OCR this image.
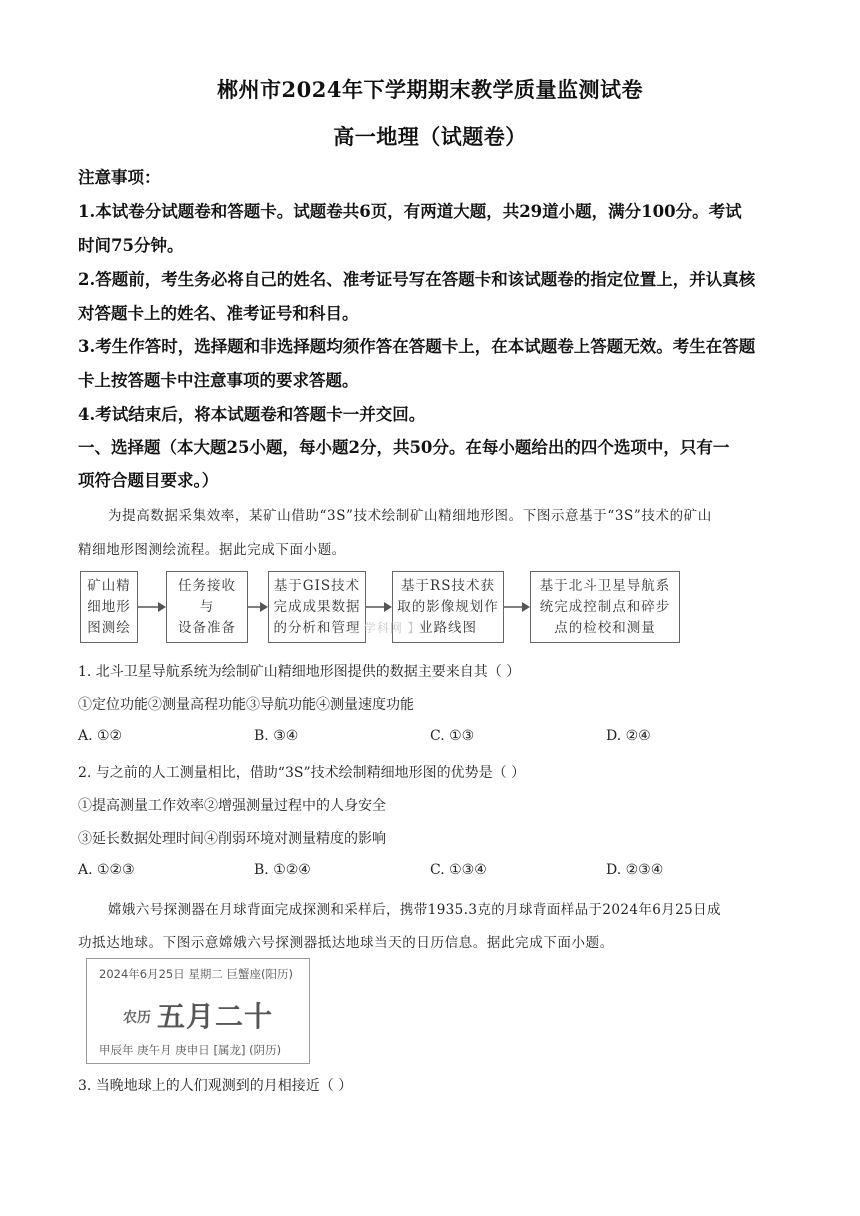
郴州市2024年下学期期末教学质量监测试卷
高一地理（试题卷）
注意事项：
1.本试卷分试题卷和答题卡。试题卷共6页，有两道大题，共29道小题，满分100分。考试
时间75分钟。
2.答题前，考生务必将自己的姓名、准考证号写在答题卡和该试题卷的指定位置上，并认真核
对答题卡上的姓名、准考证号和科目。
3.考生作答时，选择题和非选择题均须作答在答题卡上，在本试题卷上答题无效。考生在答题
卡上按答题卡中注意事项的要求答题。
4.考试结束后，将本试题卷和答题卡一并交回。
一、选择题（本大题25小题，每小题2分，共50分。在每小题给出的四个选项中，只有一
项符合题目要求。）
为提高数据采集效率，某矿山借助“3S”技术绘制矿山精细地形图。下图示意基于“3S”技术的矿山
精细地形图测绘流程。据此完成下面小题。
矿山精
细地形
图测绘
任务接收
与
设备准备
基于GIS技术
完成成果数据
的分析和管理
基于RS技术获
取的影像规划作
业路线图
基于北斗卫星导航系
统完成控制点和碎步
点的检校和测量
【 学科网 】
1. 北斗卫星导航系统为绘制矿山精细地形图提供的数据主要来自其（ ）
①定位功能②测量高程功能③导航功能④测量速度功能
A. ①②	B. ③④	C. ①③	D. ②④
2. 与之前的人工测量相比，借助“3S”技术绘制精细地形图的优势是（ ）
①提高测量工作效率②增强测量过程中的人身安全
③延长数据处理时间④削弱环境对测量精度的影响
A. ①②③	B. ①②④	C. ①③④	D. ②③④
嫦娥六号探测器在月球背面完成探测和采样后，携带1935.3克的月球背面样品于2024年6月25日成
功抵达地球。下图示意嫦娥六号探测器抵达地球当天的日历信息。据此完成下面小题。
2024年6月25日 星期二 巨蟹座(阳历)
农历 五月二十
甲辰年 庚午月 庚申日 [属龙] (阴历)
3. 当晚地球上的人们观测到的月相接近（ ）
